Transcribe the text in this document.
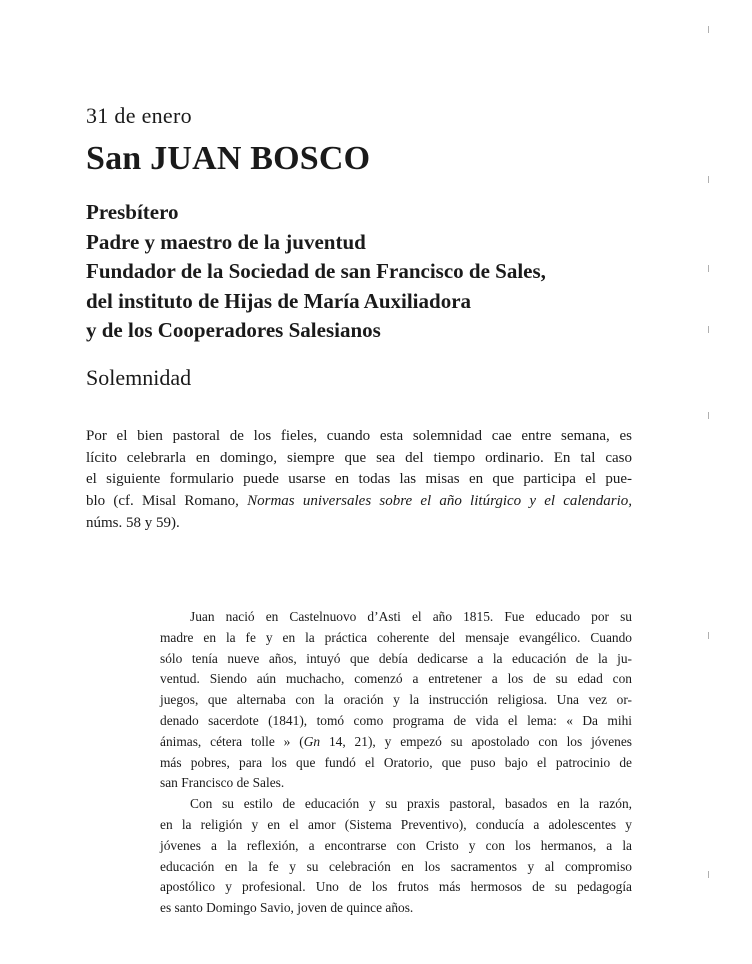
31 de enero
San JUAN BOSCO
Presbítero
Padre y maestro de la juventud
Fundador de la Sociedad de san Francisco de Sales,
del instituto de Hijas de María Auxiliadora
y de los Cooperadores Salesianos
Solemnidad

Por el bien pastoral de los fieles, cuando esta solemnidad cae entre semana, es
lícito celebrarla en domingo, siempre que sea del tiempo ordinario. En tal caso
el siguiente formulario puede usarse en todas las misas en que participa el pue-
blo (cf. Misal Romano, Normas universales sobre el año litúrgico y el calendario,
núms. 58 y 59).

Juan nació en Castelnuovo d’Asti el año 1815. Fue educado por su
madre en la fe y en la práctica coherente del mensaje evangélico. Cuando
sólo tenía nueve años, intuyó que debía dedicarse a la educación de la ju-
ventud. Siendo aún muchacho, comenzó a entretener a los de su edad con
juegos, que alternaba con la oración y la instrucción religiosa. Una vez or-
denado sacerdote (1841), tomó como programa de vida el lema: « Da mihi
ánimas, cétera tolle » (Gn 14, 21), y empezó su apostolado con los jóvenes
más pobres, para los que fundó el Oratorio, que puso bajo el patrocinio de
san Francisco de Sales.
Con su estilo de educación y su praxis pastoral, basados en la razón,
en la religión y en el amor (Sistema Preventivo), conducía a adolescentes y
jóvenes a la reflexión, a encontrarse con Cristo y con los hermanos, a la
educación en la fe y su celebración en los sacramentos y al compromiso
apostólico y profesional. Uno de los frutos más hermosos de su pedagogía
es santo Domingo Savio, joven de quince años.
